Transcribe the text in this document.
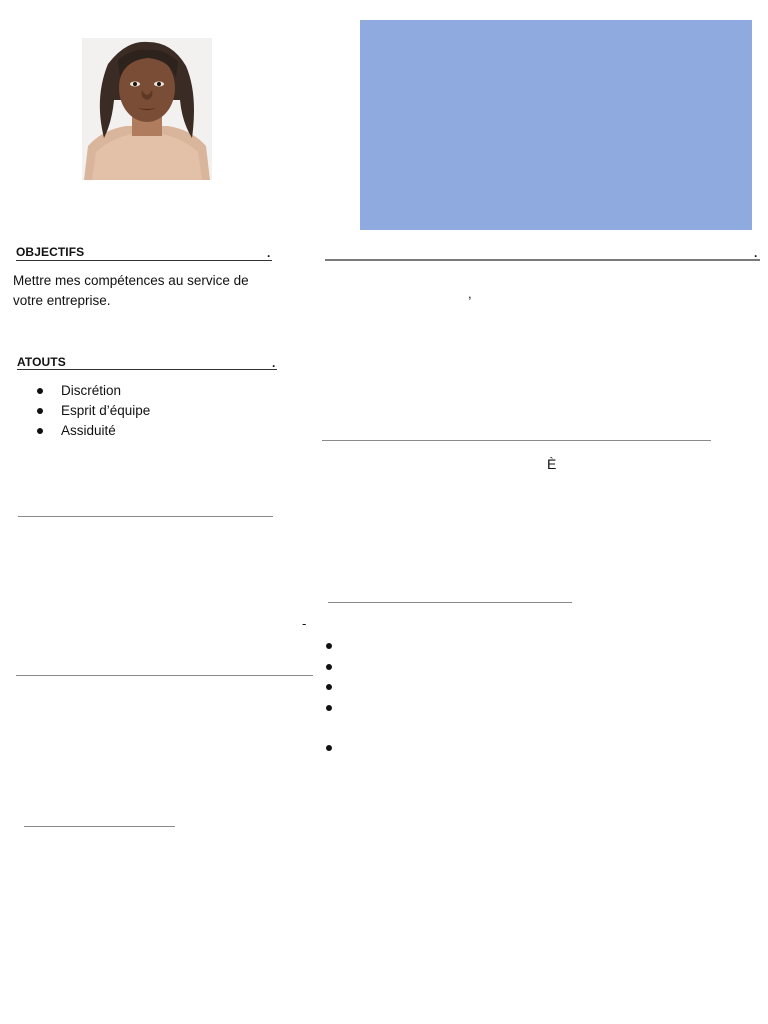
OBJECTIFS	.
Mettre mes compétences au service de
votre entreprise.
ATOUTS	.
Discrétion
Esprit d’équipe
Assiduité
-
.
,
È
